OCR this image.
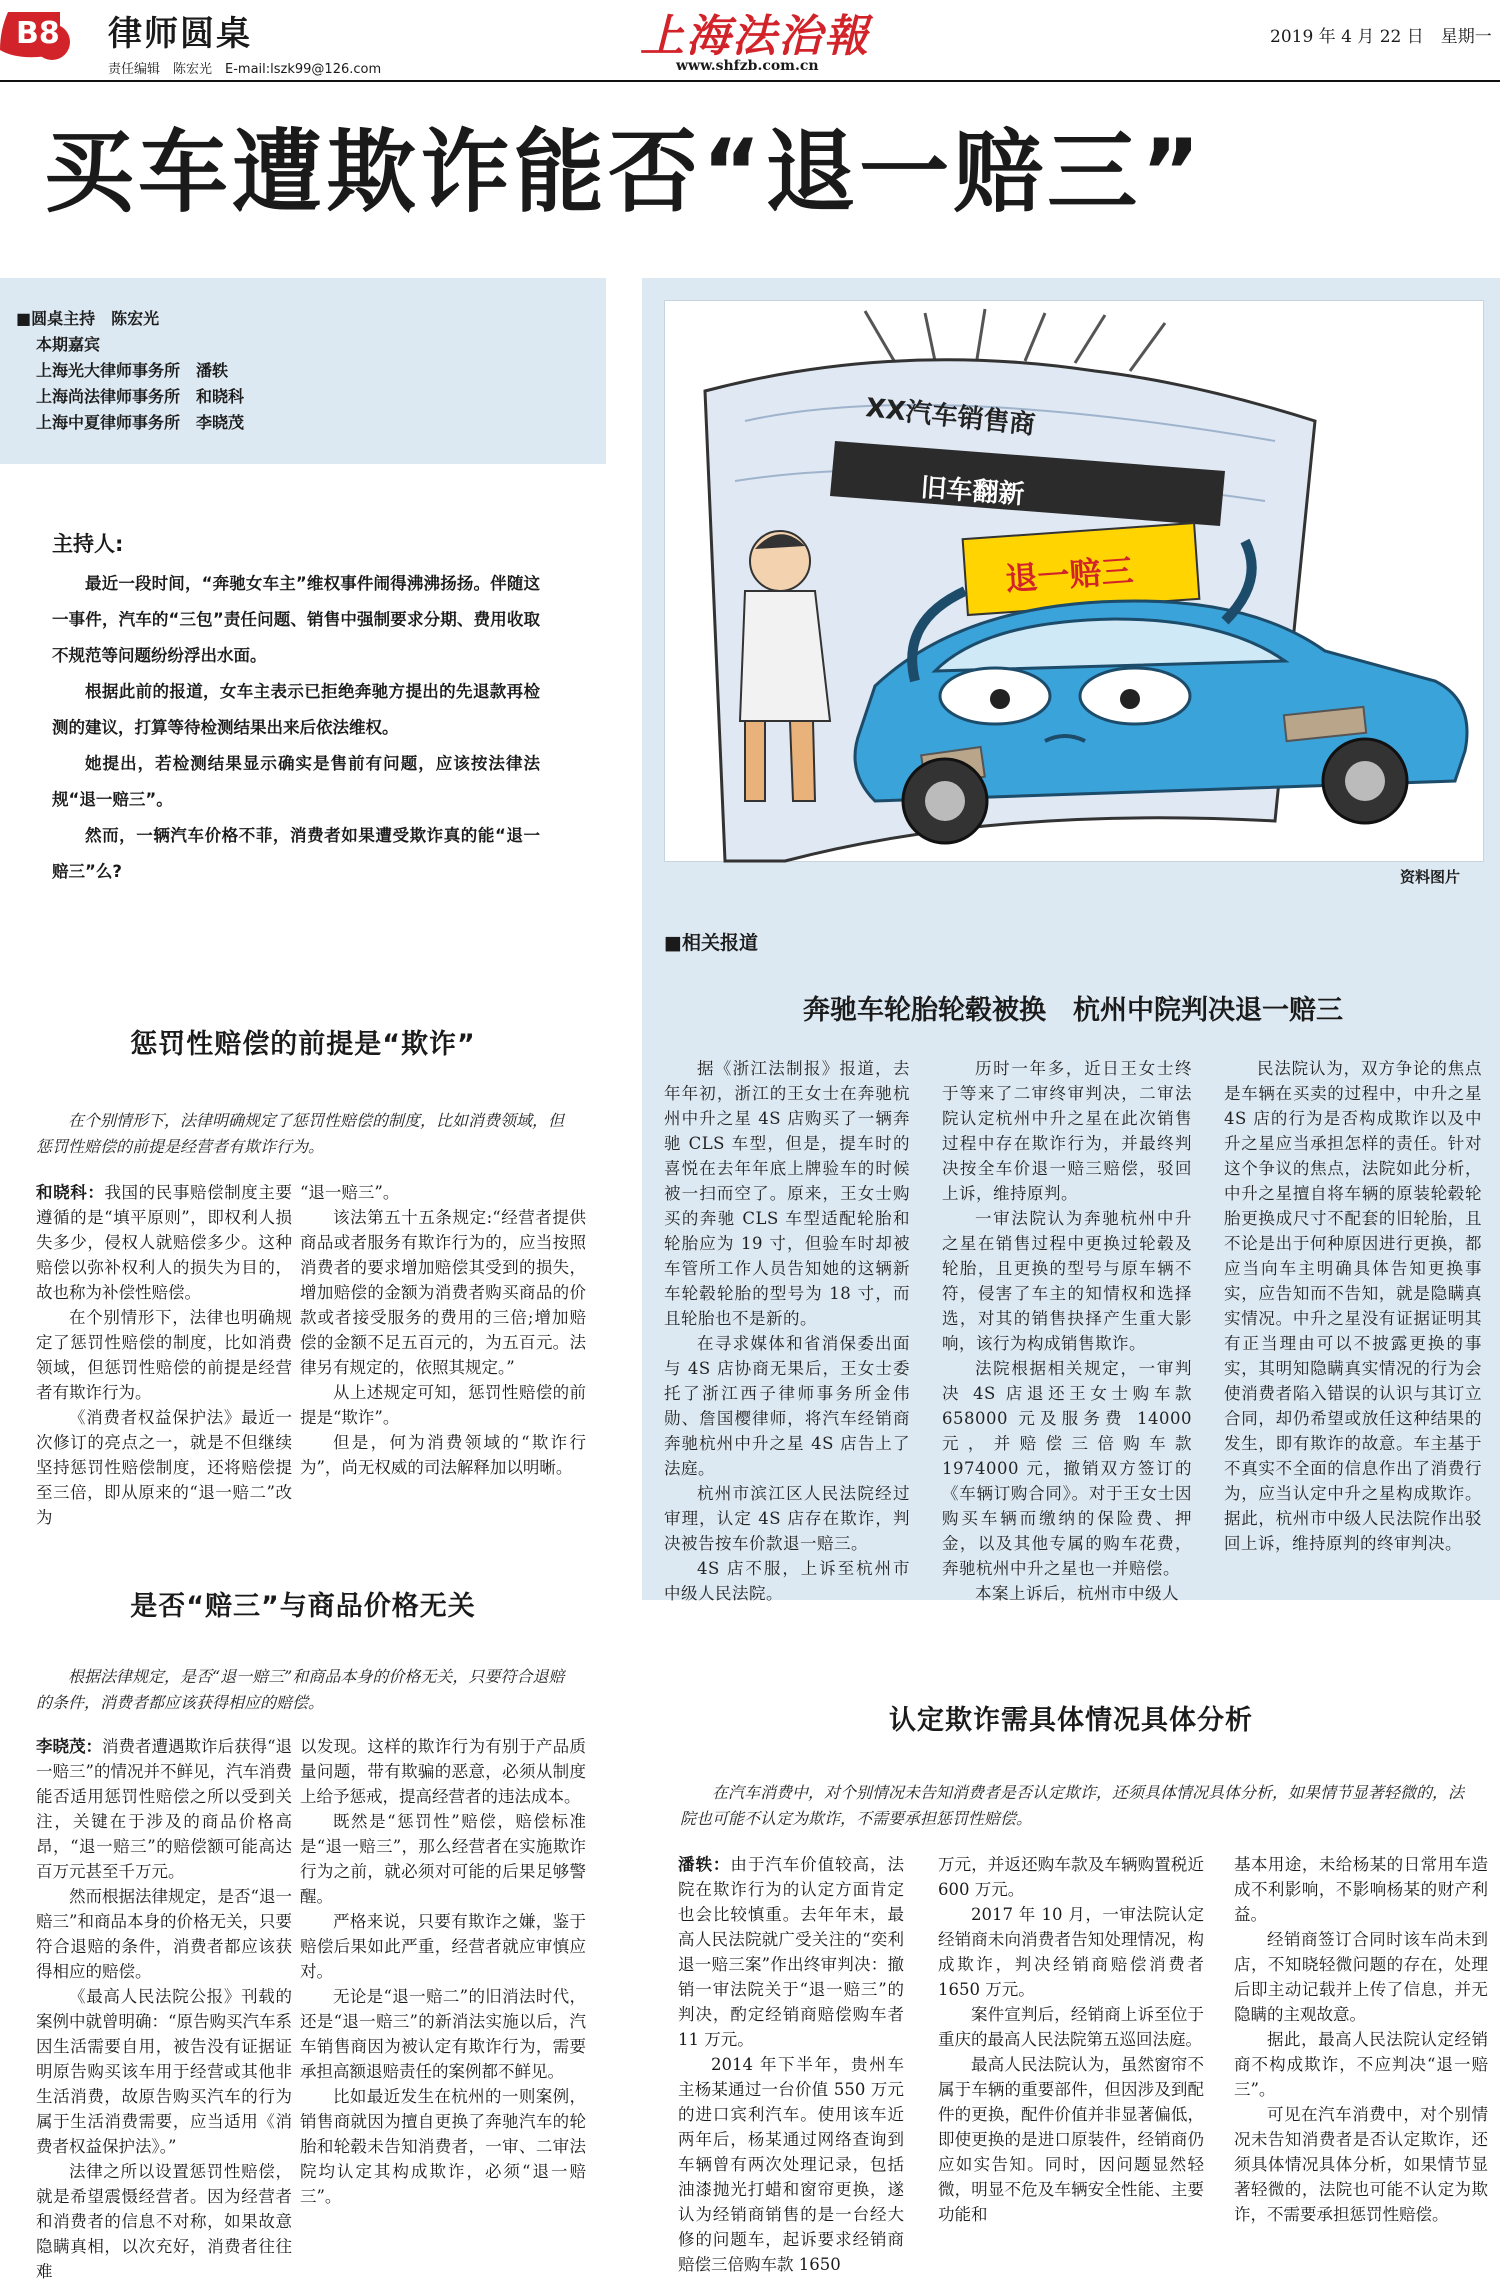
B8 律师圆桌
责任编辑　陈宏光　E-mail:lszk99@126.com
上海法治報
www.shfzb.com.cn
2019 年 4 月 22 日　星期一
买车遭欺诈能否“退一赔三”
■圆桌主持　陈宏光
本期嘉宾
上海光大律师事务所　潘轶
上海尚法律师事务所　和晓科
上海中夏律师事务所　李晓茂
主持人:

最近一段时间，“奔驰女车主”维权事件闹得沸沸扬扬。伴随这一事件，汽车的“三包”责任问题、销售中强制要求分期、费用收取不规范等问题纷纷浮出水面。

根据此前的报道，女车主表示已拒绝奔驰方提出的先退款再检测的建议，打算等待检测结果出来后依法维权。

她提出，若检测结果显示确实是售前有问题，应该按法律法规“退一赔三”。

然而，一辆汽车价格不菲，消费者如果遭受欺诈真的能“退一赔三”么?

XX汽车销售商
旧车翻新
退一赔三
资料图片
■相关报道
奔驰车轮胎轮毂被换　杭州中院判决退一赔三

据《浙江法制报》报道，去年年初，浙江的王女士在奔驰杭州中升之星 4S 店购买了一辆奔驰 CLS 车型，但是，提车时的喜悦在去年年底上牌验车的时候被一扫而空了。原来，王女士购买的奔驰 CLS 车型适配轮胎和轮胎应为 19 寸，但验车时却被车管所工作人员告知她的这辆新车轮毂轮胎的型号为 18 寸，而且轮胎也不是新的。

在寻求媒体和省消保委出面与 4S 店协商无果后，王女士委托了浙江西子律师事务所金伟勋、詹国樱律师，将汽车经销商奔驰杭州中升之星 4S 店告上了法庭。

杭州市滨江区人民法院经过审理，认定 4S 店存在欺诈，判决被告按车价款退一赔三。

4S 店不服，上诉至杭州市中级人民法院。

历时一年多，近日王女士终于等来了二审终审判决，二审法院认定杭州中升之星在此次销售过程中存在欺诈行为，并最终判决按全车价退一赔三赔偿，驳回上诉，维持原判。

一审法院认为奔驰杭州中升之星在销售过程中更换过轮毂及轮胎，且更换的型号与原车辆不符，侵害了车主的知情权和选择选，对其的销售抉择产生重大影响，该行为构成销售欺诈。

法院根据相关规定，一审判决 4S 店退还王女士购车款 658000 元及服务费 14000 元，并赔偿三倍购车款 1974000 元，撤销双方签订的《车辆订购合同》。对于王女士因购买车辆而缴纳的保险费、押金，以及其他专属的购车花费，奔驰杭州中升之星也一并赔偿。

本案上诉后，杭州市中级人

民法院认为，双方争论的焦点是车辆在买卖的过程中，中升之星 4S 店的行为是否构成欺诈以及中升之星应当承担怎样的责任。针对这个争议的焦点，法院如此分析，中升之星擅自将车辆的原装轮毂轮胎更换成尺寸不配套的旧轮胎，且不论是出于何种原因进行更换，都应当向车主明确具体告知更换事实，应告知而不告知，就是隐瞒真实情况。中升之星没有证据证明其有正当理由可以不披露更换的事实，其明知隐瞒真实情况的行为会使消费者陷入错误的认识与其订立合同，却仍希望或放任这种结果的发生，即有欺诈的故意。车主基于不真实不全面的信息作出了消费行为，应当认定中升之星构成欺诈。据此，杭州市中级人民法院作出驳回上诉，维持原判的终审判决。

惩罚性赔偿的前提是“欺诈”
在个别情形下，法律明确规定了惩罚性赔偿的制度，比如消费领域，但惩罚性赔偿的前提是经营者有欺诈行为。

和晓科：我国的民事赔偿制度主要遵循的是“填平原则”，即权利人损失多少，侵权人就赔偿多少。这种赔偿以弥补权利人的损失为目的，故也称为补偿性赔偿。

在个别情形下，法律也明确规定了惩罚性赔偿的制度，比如消费领域，但惩罚性赔偿的前提是经营者有欺诈行为。

《消费者权益保护法》最近一次修订的亮点之一，就是不但继续坚持惩罚性赔偿制度，还将赔偿提至三倍，即从原来的“退一赔二”改为

“退一赔三”。

该法第五十五条规定:“经营者提供商品或者服务有欺诈行为的，应当按照消费者的要求增加赔偿其受到的损失，增加赔偿的金额为消费者购买商品的价款或者接受服务的费用的三倍;增加赔偿的金额不足五百元的，为五百元。法律另有规定的，依照其规定。”

从上述规定可知，惩罚性赔偿的前提是“欺诈”。

但是，何为消费领域的“欺诈行为”，尚无权威的司法解释加以明晰。

是否“赔三”与商品价格无关
根据法律规定，是否“退一赔三”和商品本身的价格无关，只要符合退赔的条件，消费者都应该获得相应的赔偿。

李晓茂：消费者遭遇欺诈后获得“退一赔三”的情况并不鲜见，汽车消费能否适用惩罚性赔偿之所以受到关注，关键在于涉及的商品价格高昂，“退一赔三”的赔偿额可能高达百万元甚至千万元。

然而根据法律规定，是否“退一赔三”和商品本身的价格无关，只要符合退赔的条件，消费者都应该获得相应的赔偿。

《最高人民法院公报》刊载的案例中就曾明确：“原告购买汽车系因生活需要自用，被告没有证据证明原告购买该车用于经营或其他非生活消费，故原告购买汽车的行为属于生活消费需要，应当适用《消费者权益保护法》。”

法律之所以设置惩罚性赔偿，就是希望震慑经营者。因为经营者和消费者的信息不对称，如果故意隐瞒真相，以次充好，消费者往往难

以发现。这样的欺诈行为有别于产品质量问题，带有欺骗的恶意，必须从制度上给予惩戒，提高经营者的违法成本。

既然是“惩罚性”赔偿，赔偿标准是“退一赔三”，那么经营者在实施欺诈行为之前，就必须对可能的后果足够警醒。

严格来说，只要有欺诈之嫌，鉴于赔偿后果如此严重，经营者就应审慎应对。

无论是“退一赔二”的旧消法时代，还是“退一赔三”的新消法实施以后，汽车销售商因为被认定有欺诈行为，需要承担高额退赔责任的案例都不鲜见。

比如最近发生在杭州的一则案例，销售商就因为擅自更换了奔驰汽车的轮胎和轮毂未告知消费者，一审、二审法院均认定其构成欺诈，必须“退一赔三”。

认定欺诈需具体情况具体分析
在汽车消费中，对个别情况未告知消费者是否认定欺诈，还须具体情况具体分析，如果情节显著轻微的，法院也可能不认定为欺诈，不需要承担惩罚性赔偿。

潘轶：由于汽车价值较高，法院在欺诈行为的认定方面肯定也会比较慎重。去年年末，最高人民法院就广受关注的“奕利退一赔三案”作出终审判决：撤销一审法院关于“退一赔三”的判决，酌定经销商赔偿购车者 11 万元。

2014 年下半年，贵州车主杨某通过一台价值 550 万元的进口宾利汽车。使用该车近两年后，杨某通过网络查询到车辆曾有两次处理记录，包括油漆抛光打蜡和窗帘更换，遂认为经销商销售的是一台经大修的问题车，起诉要求经销商赔偿三倍购车款 1650

万元，并返还购车款及车辆购置税近 600 万元。

2017 年 10 月，一审法院认定经销商未向消费者告知处理情况，构成欺诈，判决经销商赔偿消费者 1650 万元。

案件宣判后，经销商上诉至位于重庆的最高人民法院第五巡回法庭。

最高人民法院认为，虽然窗帘不属于车辆的重要部件，但因涉及到配件的更换，配件价值并非显著偏低，即使更换的是进口原装件，经销商仍应如实告知。同时，因问题显然轻微，明显不危及车辆安全性能、主要功能和

基本用途，未给杨某的日常用车造成不利影响，不影响杨某的财产利益。

经销商签订合同时该车尚未到店，不知晓轻微问题的存在，处理后即主动记载并上传了信息，并无隐瞒的主观故意。

据此，最高人民法院认定经销商不构成欺诈，不应判决“退一赔三”。

可见在汽车消费中，对个别情况未告知消费者是否认定欺诈，还须具体情况具体分析，如果情节显著轻微的，法院也可能不认定为欺诈，不需要承担惩罚性赔偿。
